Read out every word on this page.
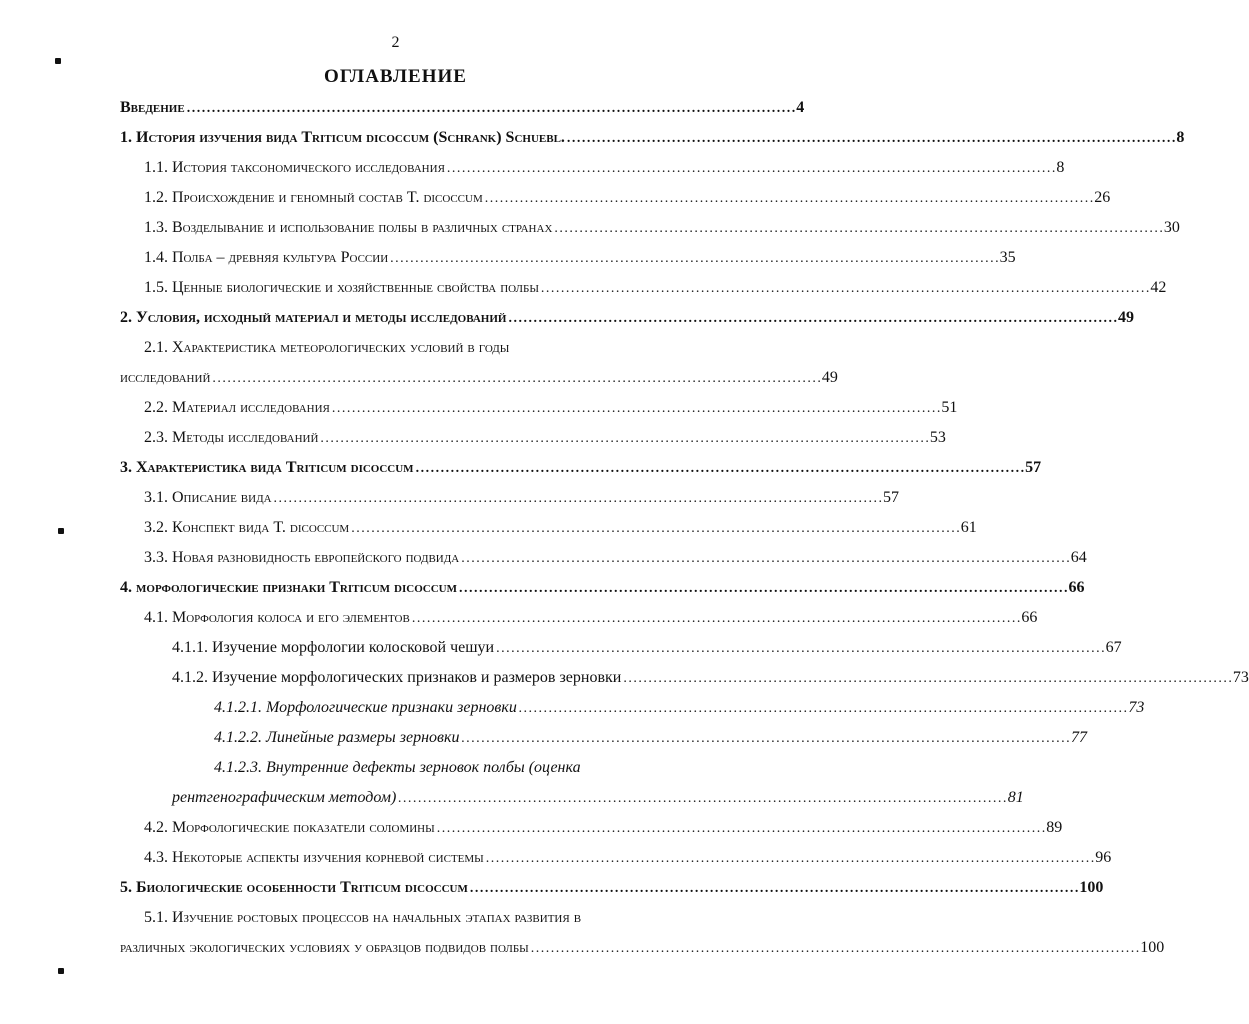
2
ОГЛАВЛЕНИЕ
Введение . . .	4
1. История изучения вида Triticum dicoccum (Schrank) Schuebl. . . .	8
1.1. История таксономического исследования . . .	8
1.2. Происхождение и геномный состав T. dicoccum . . .	26
1.3. Возделывание и использование полбы в различных странах . . .	30
1.4. Полба – древняя культура России . . .	35
1.5. Ценные биологические и хозяйственные свойства полбы . . .	42
2. Условия, исходный материал и методы исследований . . .	49
2.1. Характеристика метеорологических условий в годы
исследований . . .	49
2.2. Материал исследования . . .	51
2.3. Методы исследований . . .	53
3. Характеристика вида Triticum dicoccum . . .	57
3.1. Описание вида . . .	57
3.2. Конспект вида T. dicoccum . . .	61
3.3. Новая разновидность европейского подвида . . .	64
4. морфологические признаки Triticum dicoccum . . .	66
4.1. Морфология колоса и его элементов . . .	66
4.1.1. Изучение морфологии колосковой чешуи . . .	67
4.1.2. Изучение морфологических признаков и размеров зерновки . . .	73
4.1.2.1. Морфологические признаки зерновки . . .	73
4.1.2.2. Линейные размеры зерновки . . .	77
4.1.2.3. Внутренние дефекты зерновок полбы (оценка
рентгенографическим методом) . . .	81
4.2. Морфологические показатели соломины . . .	89
4.3. Некоторые аспекты изучения корневой системы . . .	96
5. Биологические особенности Triticum dicoccum . . .	100
5.1. Изучение ростовых процессов на начальных этапах развития в
различных экологических условиях у образцов подвидов полбы . . .	100
